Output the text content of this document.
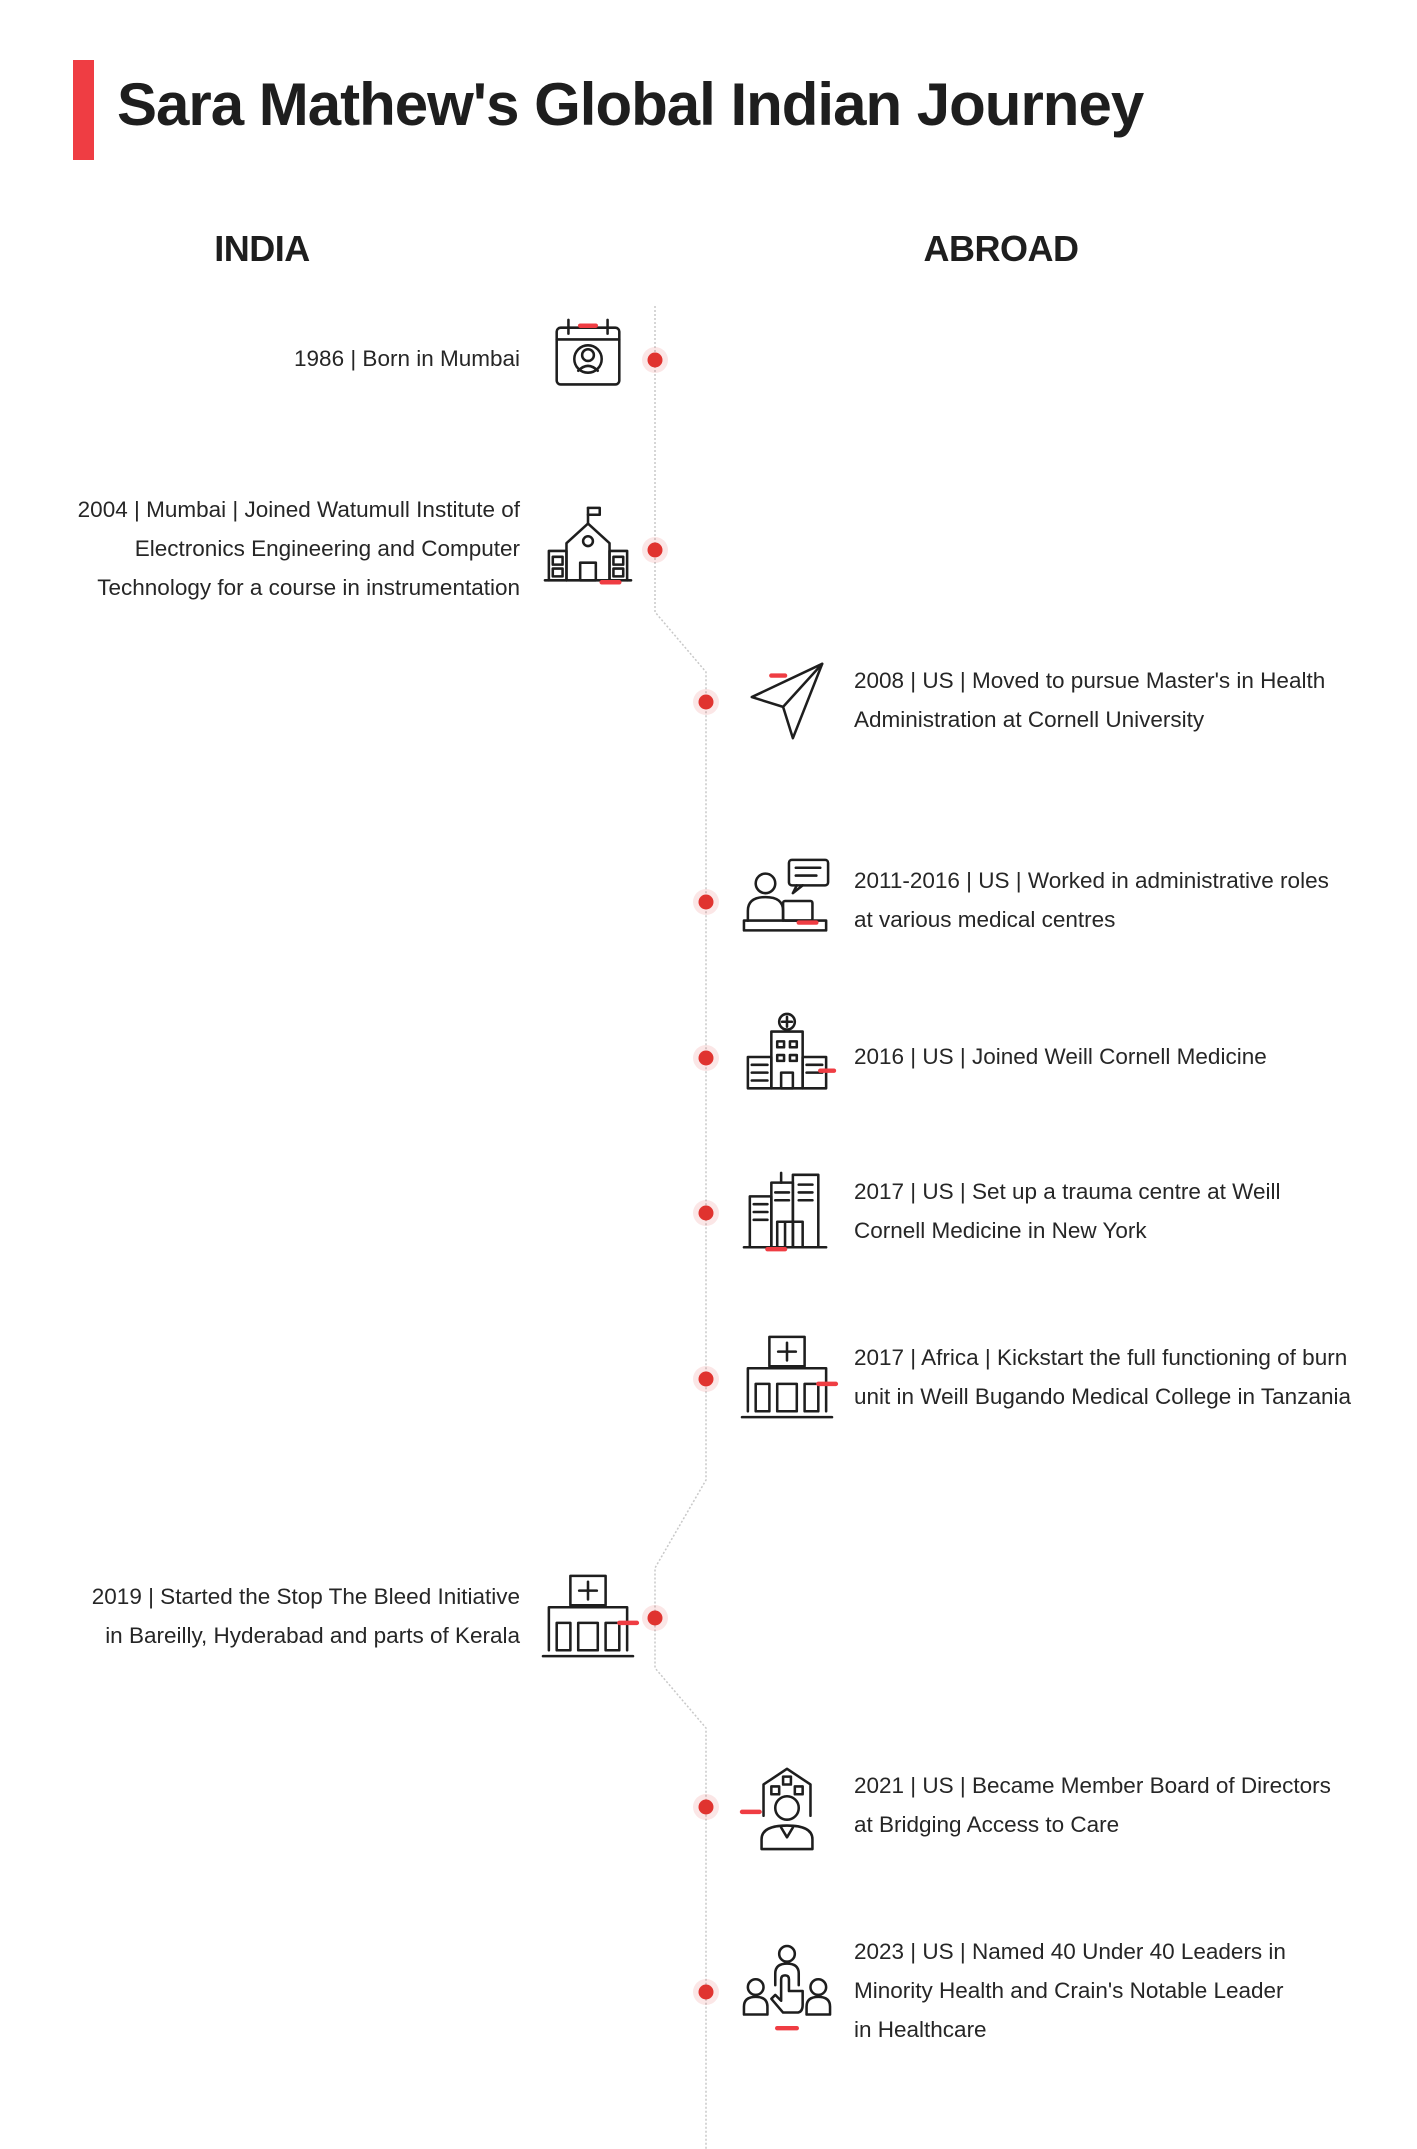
Sara Mathew's Global Indian Journey
INDIA	ABROAD
1986 | Born in Mumbai
2004 | Mumbai | Joined Watumull Institute of
Electronics Engineering and Computer
Technology for a course in instrumentation
2008 | US | Moved to pursue Master's in Health
Administration at Cornell University
2011-2016 | US | Worked in administrative roles
at various medical centres
2016 | US | Joined Weill Cornell Medicine
2017 | US | Set up a trauma centre at Weill
Cornell Medicine in New York
2017 | Africa | Kickstart the full functioning of burn
unit in Weill Bugando Medical College in Tanzania
2019 | Started the Stop The Bleed Initiative
in Bareilly, Hyderabad and parts of Kerala
2021 | US | Became Member Board of Directors
at Bridging Access to Care
2023 | US | Named 40 Under 40 Leaders in
Minority Health and Crain's Notable Leader
in Healthcare
